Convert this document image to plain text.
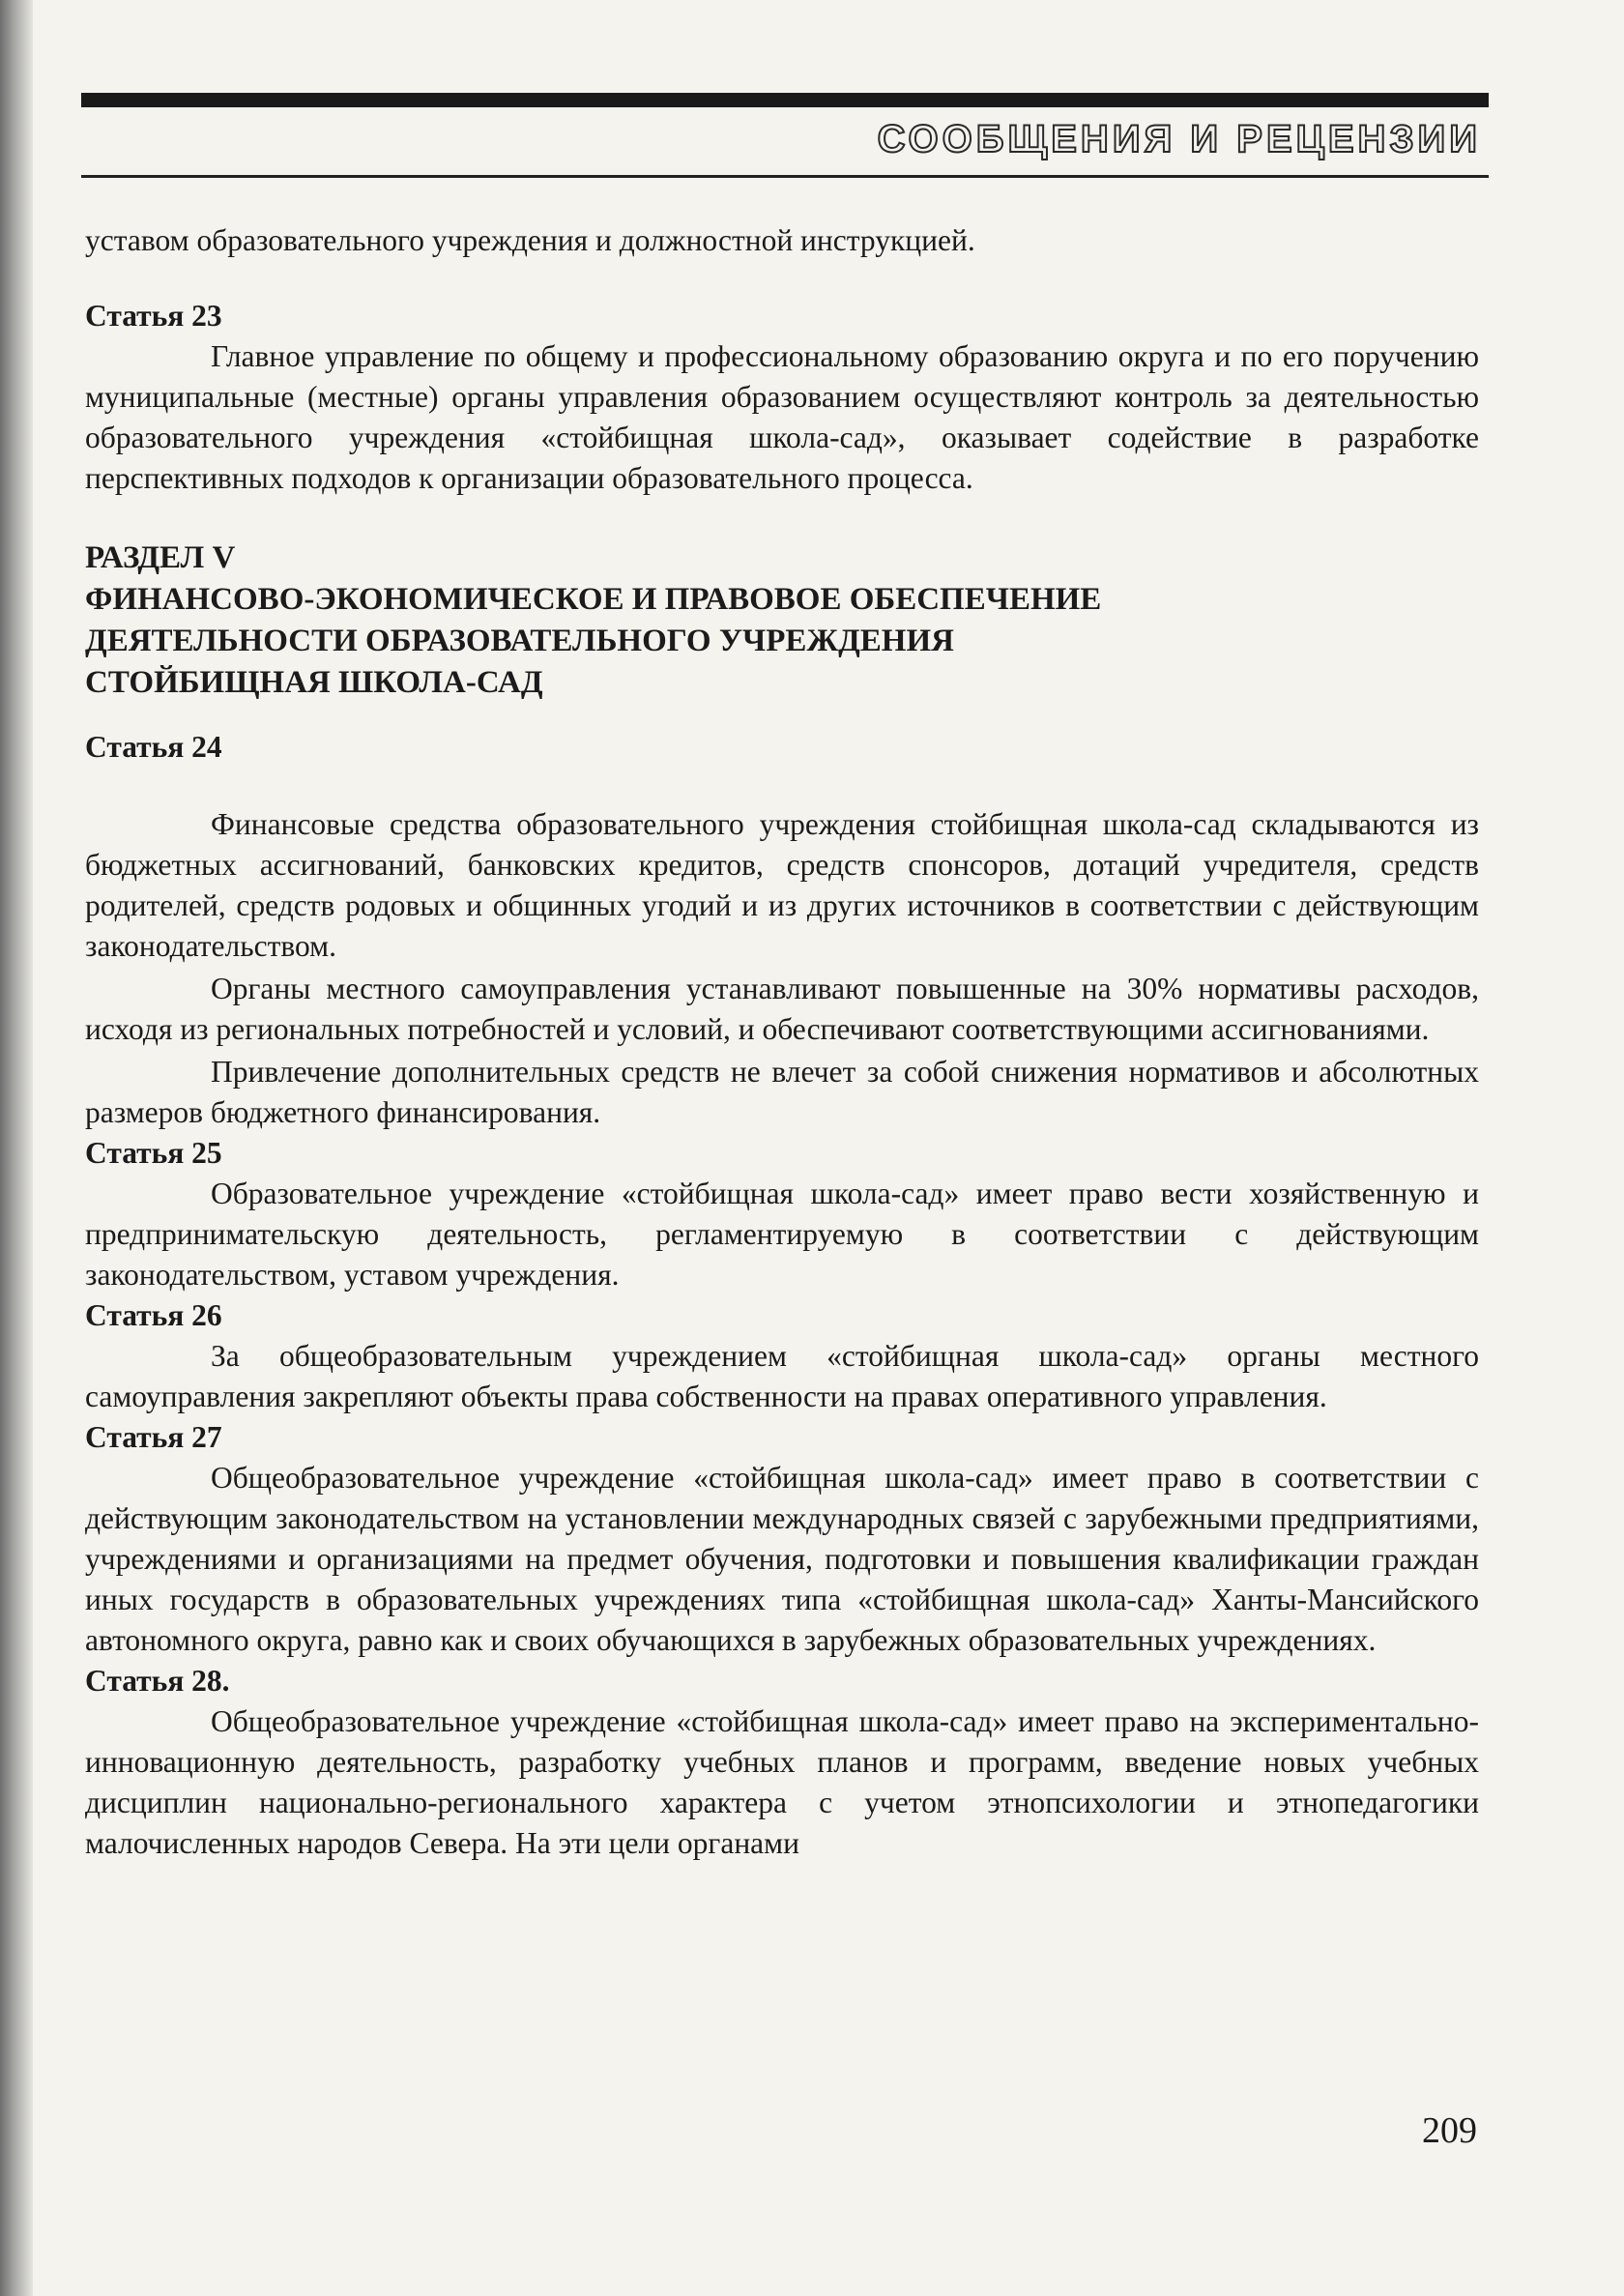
СООБЩЕНИЯ И РЕЦЕНЗИИ

уставом образовательного учреждения и должностной инструкцией.

Статья 23

Главное управление по общему и профессиональному образованию округа и по его поручению муниципальные (местные) органы управления образованием осуществляют контроль за деятельностью образовательного учреждения «стойбищная школа-сад», оказывает содействие в разработке перспективных подходов к организации образовательного процесса.

РАЗДЕЛ V

ФИНАНСОВО-ЭКОНОМИЧЕСКОЕ И ПРАВОВОЕ ОБЕСПЕЧЕНИЕ

ДЕЯТЕЛЬНОСТИ ОБРАЗОВАТЕЛЬНОГО УЧРЕЖДЕНИЯ

СТОЙБИЩНАЯ ШКОЛА-САД

Статья 24

Финансовые средства образовательного учреждения стойбищная школа-сад складываются из бюджетных ассигнований, банковских кредитов, средств спонсоров, дотаций учредителя, средств родителей, средств родовых и общинных угодий и из других источников в соответствии с действующим законодательством.

Органы местного самоуправления устанавливают повышенные на 30% нормативы расходов, исходя из региональных потребностей и условий, и обеспечивают соответствующими ассигнованиями.

Привлечение дополнительных средств не влечет за собой снижения нормативов и абсолютных размеров бюджетного финансирования.

Статья 25

Образовательное учреждение «стойбищная школа-сад» имеет право вести хозяйственную и предпринимательскую деятельность, регламентируемую в соответствии с действующим законодательством, уставом учреждения.

Статья 26

За общеобразовательным учреждением «стойбищная школа-сад» органы местного самоуправления закрепляют объекты права собственности на правах оперативного управления.

Статья 27

Общеобразовательное учреждение «стойбищная школа-сад» имеет право в соответствии с действующим законодательством на установлении международных связей с зарубежными предприятиями, учреждениями и организациями на предмет обучения, подготовки и повышения квалификации граждан иных государств в образовательных учреждениях типа «стойбищная школа-сад» Ханты-Мансийского автономного округа, равно как и своих обучающихся в зарубежных образовательных учреждениях.

Статья 28.

Общеобразовательное учреждение «стойбищная школа-сад» имеет право на экспериментально-инновационную деятельность, разработку учебных планов и программ, введение новых учебных дисциплин национально-регионального характера с учетом этнопсихологии и этнопедагогики малочисленных народов Севера. На эти цели органами

209
